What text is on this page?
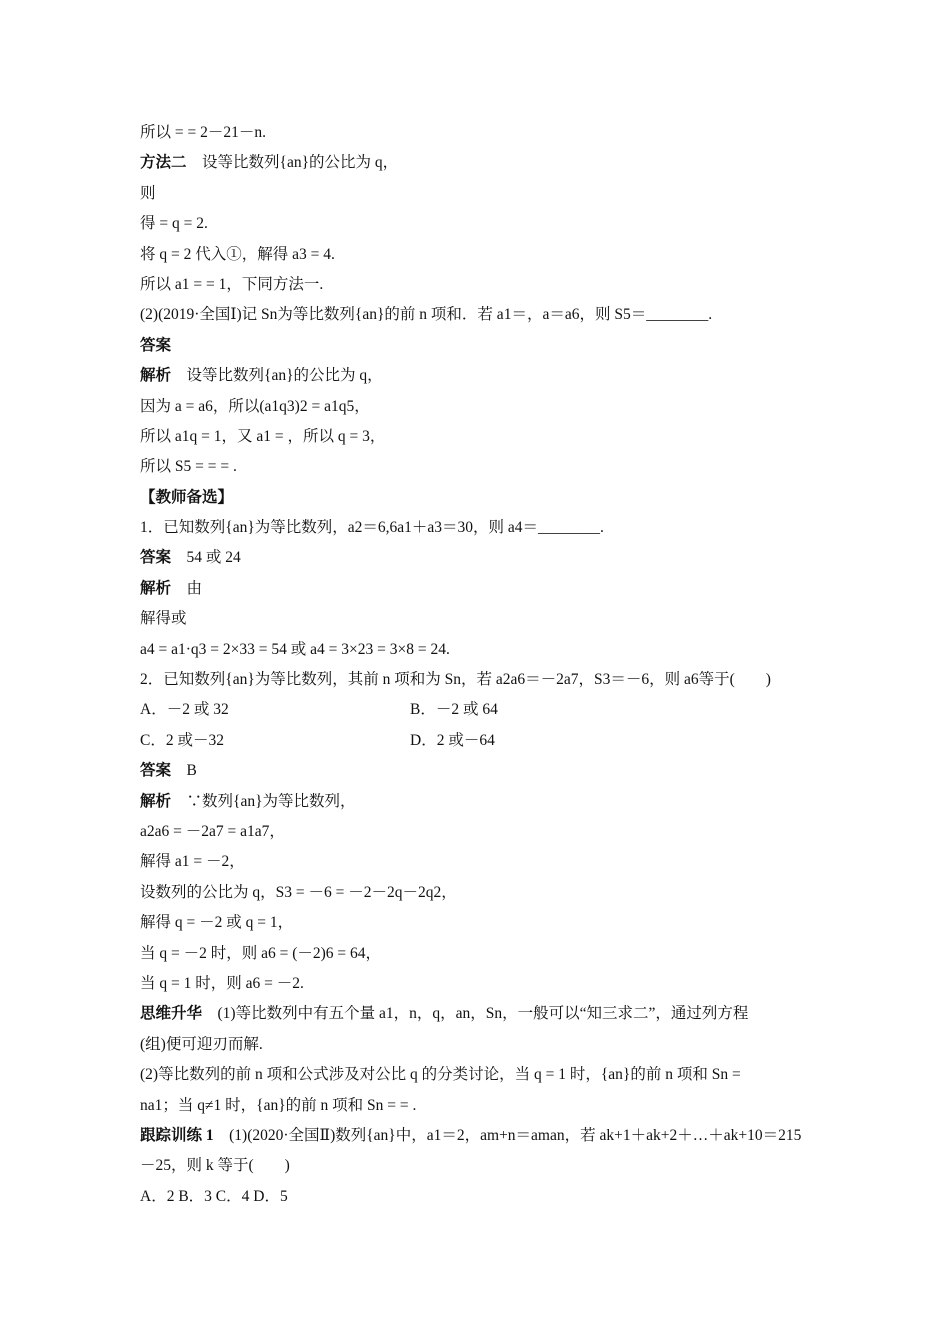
所以 = = 2－21－n.
方法二　设等比数列{an}的公比为 q，
则
得 = q = 2.
将 q = 2 代入①，解得 a3 = 4.
所以 a1 = = 1，下同方法一.
(2)(2019·全国Ⅰ)记 Sn为等比数列{an}的前 n 项和．若 a1＝，a＝a6，则 S5＝________.
答案
解析　设等比数列{an}的公比为 q，
因为 a = a6，所以(a1q3)2 = a1q5，
所以 a1q = 1，又 a1 = ，所以 q = 3，
所以 S5 = = = .
【教师备选】
1．已知数列{an}为等比数列，a2＝6,6a1＋a3＝30，则 a4＝________.
答案　54 或 24
解析　由
解得或
a4 = a1·q3 = 2×33 = 54 或 a4 = 3×23 = 3×8 = 24.
2．已知数列{an}为等比数列，其前 n 项和为 Sn，若 a2a6＝－2a7，S3＝－6，则 a6等于(　　)
A．－2 或 32	B．－2 或 64
C．2 或－32	D．2 或－64
答案　B
解析　∵数列{an}为等比数列，
a2a6 = －2a7 = a1a7，
解得 a1 = －2，
设数列的公比为 q，S3 = －6 = －2－2q－2q2，
解得 q = －2 或 q = 1，
当 q = －2 时，则 a6 = (－2)6 = 64，
当 q = 1 时，则 a6 = －2.
思维升华　(1)等比数列中有五个量 a1，n，q，an，Sn，一般可以“知三求二”，通过列方程
(组)便可迎刃而解.
(2)等比数列的前 n 项和公式涉及对公比 q 的分类讨论，当 q = 1 时，{an}的前 n 项和 Sn =
na1；当 q≠1 时，{an}的前 n 项和 Sn = = .
跟踪训练 1　(1)(2020·全国Ⅱ)数列{an}中，a1＝2，am+n＝aman，若 ak+1＋ak+2＋…＋ak+10＝215
－25，则 k 等于(　　)
A．2 B．3 C．4 D．5
